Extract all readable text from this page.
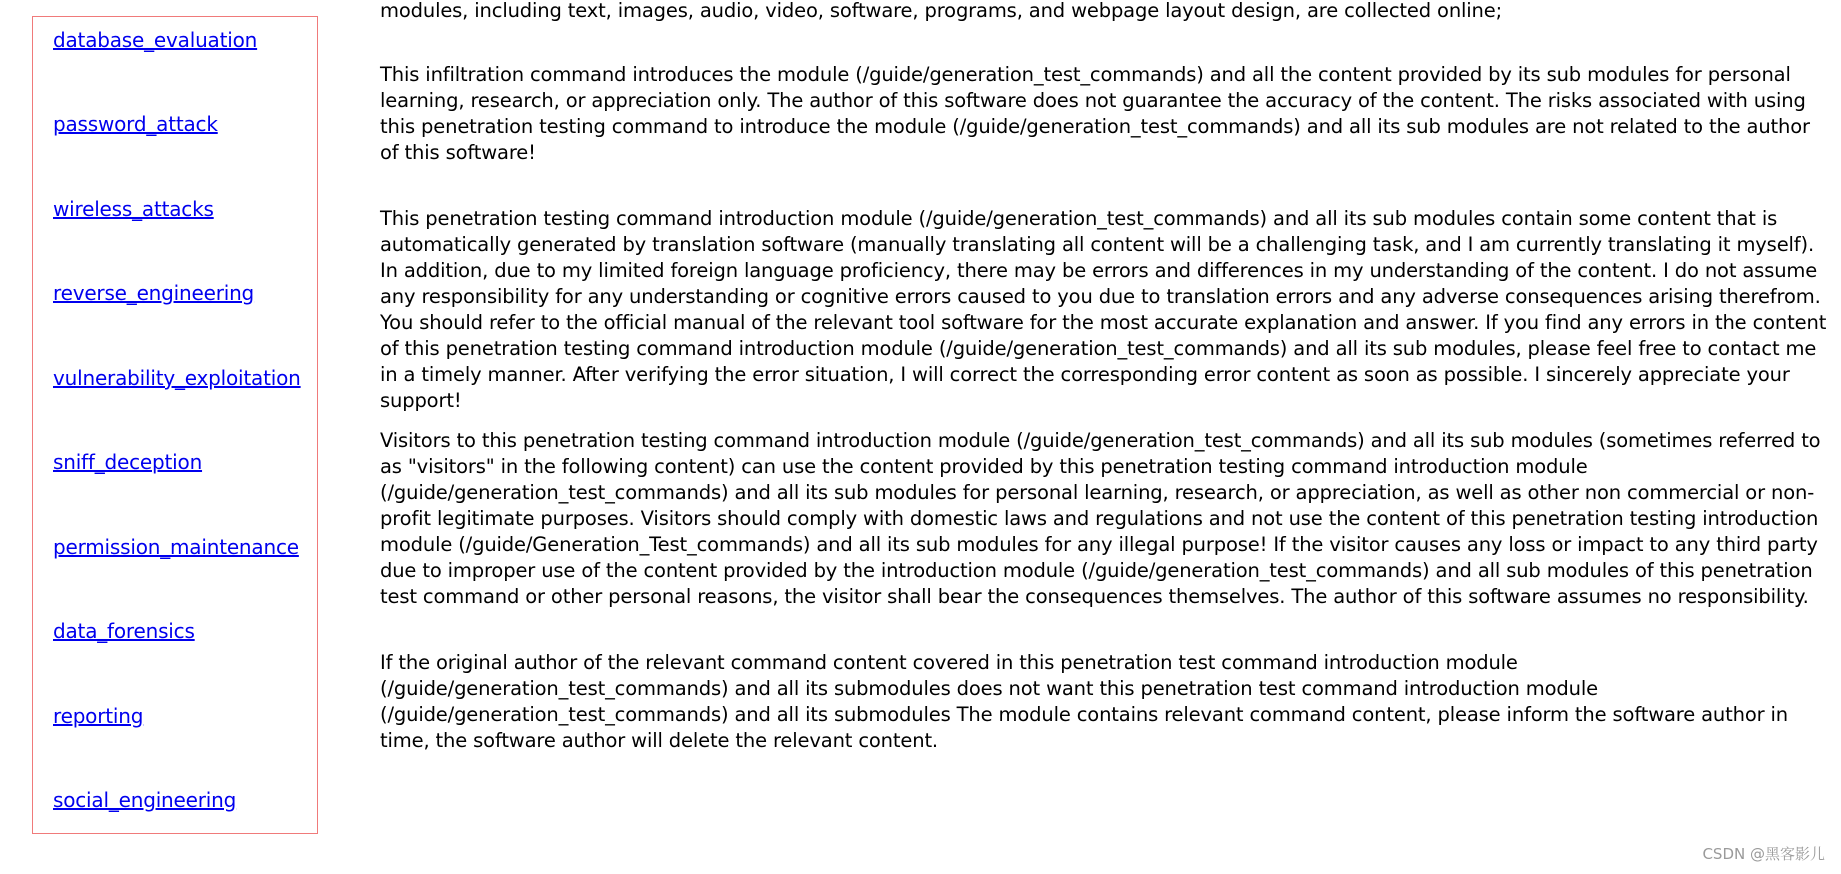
database_evaluation
password_attack
wireless_attacks
reverse_engineering
vulnerability_exploitation
sniff_deception
permission_maintenance
data_forensics
reporting
social_engineering

modules, including text, images, audio, video, software, programs, and webpage layout design, are collected online;

This infiltration command introduces the module (/guide/generation_test_commands) and all the content provided by its sub modules for personal learning, research, or appreciation only. The author of this software does not guarantee the accuracy of the content. The risks associated with using this penetration testing command to introduce the module (/guide/generation_test_commands) and all its sub modules are not related to the author of this software!

This penetration testing command introduction module (/guide/generation_test_commands) and all its sub modules contain some content that is automatically generated by translation software (manually translating all content will be a challenging task, and I am currently translating it myself). In addition, due to my limited foreign language proficiency, there may be errors and differences in my understanding of the content. I do not assume any responsibility for any understanding or cognitive errors caused to you due to translation errors and any adverse consequences arising therefrom. You should refer to the official manual of the relevant tool software for the most accurate explanation and answer. If you find any errors in the content of this penetration testing command introduction module (/guide/generation_test_commands) and all its sub modules, please feel free to contact me in a timely manner. After verifying the error situation, I will correct the corresponding error content as soon as possible. I sincerely appreciate your support!

Visitors to this penetration testing command introduction module (/guide/generation_test_commands) and all its sub modules (sometimes referred to as "visitors" in the following content) can use the content provided by this penetration testing command introduction module (/guide/generation_test_commands) and all its sub modules for personal learning, research, or appreciation, as well as other non commercial or non-profit legitimate purposes. Visitors should comply with domestic laws and regulations and not use the content of this penetration testing introduction module (/guide/Generation_Test_commands) and all its sub modules for any illegal purpose! If the visitor causes any loss or impact to any third party due to improper use of the content provided by the introduction module (/guide/generation_test_commands) and all sub modules of this penetration test command or other personal reasons, the visitor shall bear the consequences themselves. The author of this software assumes no responsibility.

If the original author of the relevant command content covered in this penetration test command introduction module (/guide/generation_test_commands) and all its submodules does not want this penetration test command introduction module (/guide/generation_test_commands) and all its submodules The module contains relevant command content, please inform the software author in time, the software author will delete the relevant content.

CSDN @黑客影儿
